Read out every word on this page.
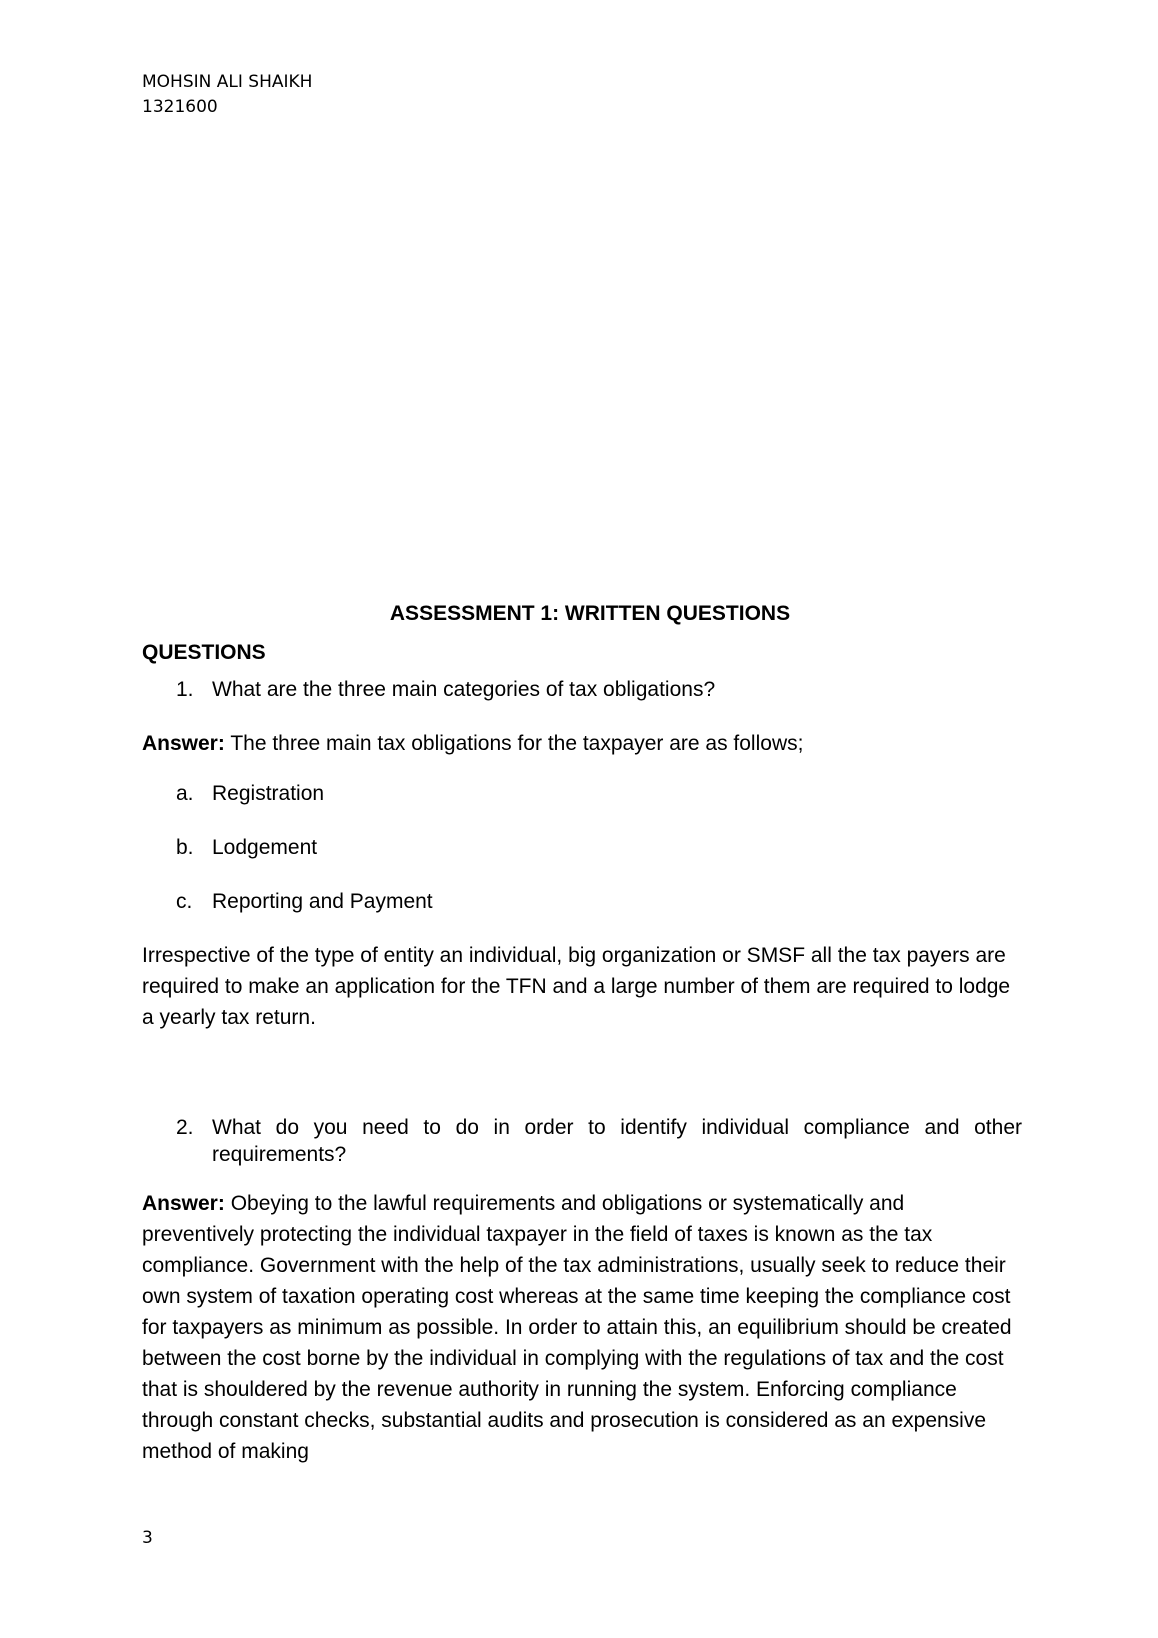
MOHSIN ALI SHAIKH
1321600
ASSESSMENT 1: WRITTEN QUESTIONS
QUESTIONS
1. What are the three main categories of tax obligations?
Answer: The three main tax obligations for the taxpayer are as follows;
a. Registration
b. Lodgement
c. Reporting and Payment
Irrespective of the type of entity an individual, big organization or SMSF all the tax payers are required to make an application for the TFN and a large number of them are required to lodge a yearly tax return.
2. What do you need to do in order to identify individual compliance and other requirements?
Answer: Obeying to the lawful requirements and obligations or systematically and preventively protecting the individual taxpayer in the field of taxes is known as the tax compliance. Government with the help of the tax administrations, usually seek to reduce their own system of taxation operating cost whereas at the same time keeping the compliance cost for taxpayers as minimum as possible. In order to attain this, an equilibrium should be created between the cost borne by the individual in complying with the regulations of tax and the cost that is shouldered by the revenue authority in running the system. Enforcing compliance through constant checks, substantial audits and prosecution is considered as an expensive method of making
3
